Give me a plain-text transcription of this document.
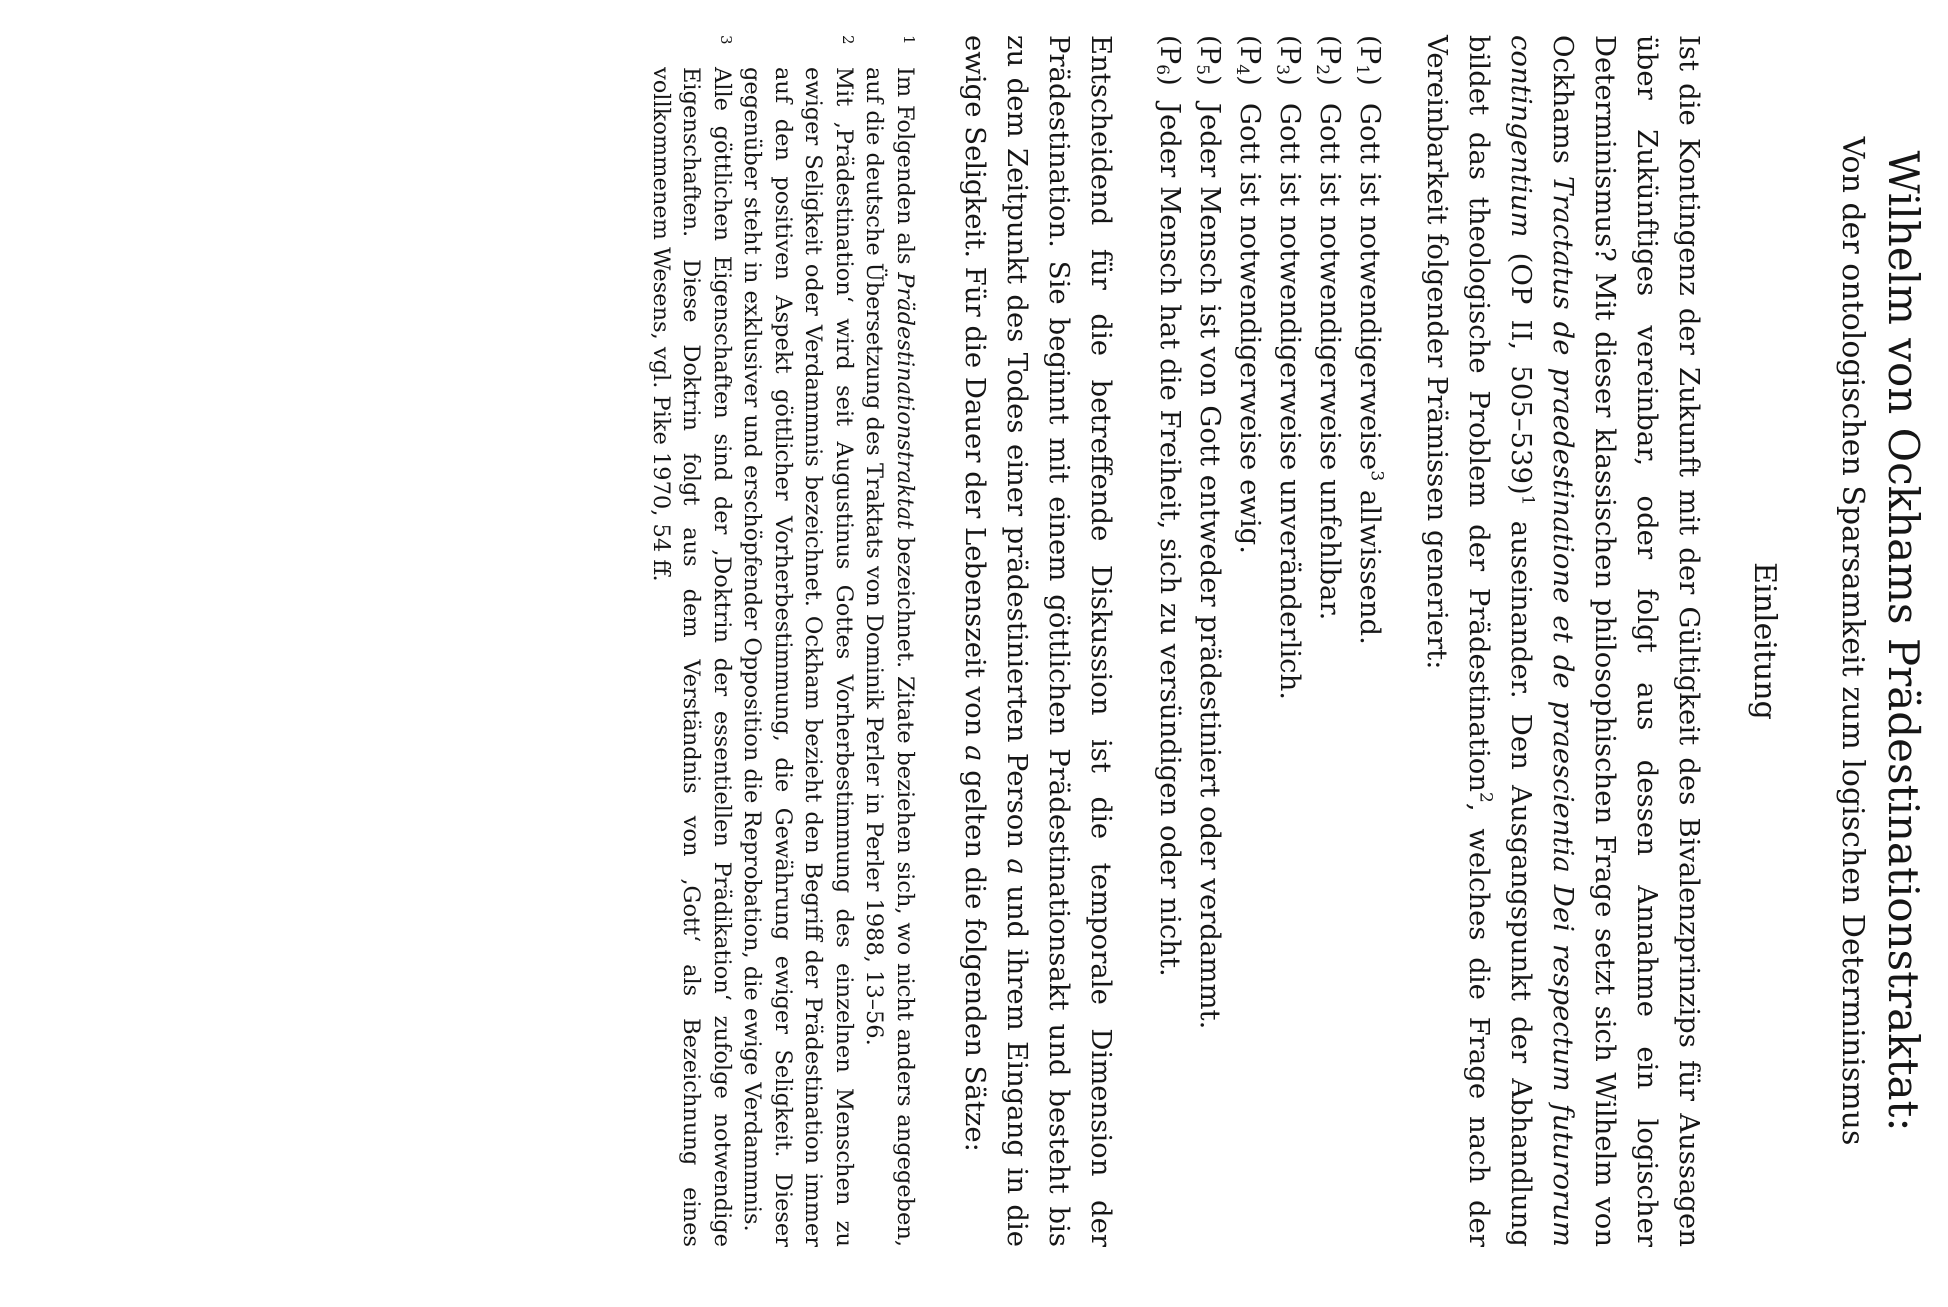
Wilhelm von Ockhams Prädestinationstraktat:
Von der ontologischen Sparsamkeit zum logischen Determinismus
Einleitung

Ist die Kontingenz der Zukunft mit der Gültigkeit des Bivalenzprinzips für Aussagen über Zukünftiges vereinbar, oder folgt aus dessen Annahme ein logischer Determinismus? Mit dieser klassischen philosophischen Frage setzt sich Wilhelm von Ockhams Tractatus de praedestinatione et de praescientia Dei respectum futurorum contingentium (OP II, 505–539)$^1$ auseinander. Den Ausgangspunkt der Abhandlung bildet das theologische Problem der Prädestination$^2$, welches die Frage nach der Vereinbarkeit folgender Prämissen generiert:

$(P_1)$
Gott ist notwendigerweise$^3$ allwissend.
$(P_2)$
Gott ist notwendigerweise unfehlbar.
$(P_3)$
Gott ist notwendigerweise unveränderlich.
$(P_4)$
Gott ist notwendigerweise ewig.
$(P_5)$
Jeder Mensch ist von Gott entweder prädestiniert oder verdammt.
$(P_6)$
Jeder Mensch hat die Freiheit, sich zu versündigen oder nicht.

Entscheidend für die betreffende Diskussion ist die temporale Dimension der Prädestination. Sie beginnt mit einem göttlichen Prädestinationsakt und besteht bis zu dem Zeitpunkt des Todes einer prädestinierten Person a und ihrem Eingang in die ewige Seligkeit. Für die Dauer der Lebenszeit von a gelten die folgenden Sätze:

1
Im Folgenden als Prädestinationstraktat bezeichnet. Zitate beziehen sich, wo nicht anders angegeben, auf die deutsche Übersetzung des Traktats von Dominik Perler in Perler 1988, 13–56.
2
Mit ‚Prädestination‘ wird seit Augustinus Gottes Vorherbestimmung des einzelnen Menschen zu ewiger Seligkeit oder Verdammnis bezeichnet. Ockham bezieht den Begriff der Prädestination immer auf den positiven Aspekt göttlicher Vorherbestimmung, die Gewährung ewiger Seligkeit. Dieser gegenüber steht in exklusiver und erschöpfender Opposition die Reprobation, die ewige Verdammnis.
3
Alle göttlichen Eigenschaften sind der ‚Doktrin der essentiellen Prädikation‘ zufolge notwendige Eigenschaften. Diese Doktrin folgt aus dem Verständnis von ‚Gott‘ als Bezeichnung eines vollkommenem Wesens, vgl. Pike 1970, 54 ff.
